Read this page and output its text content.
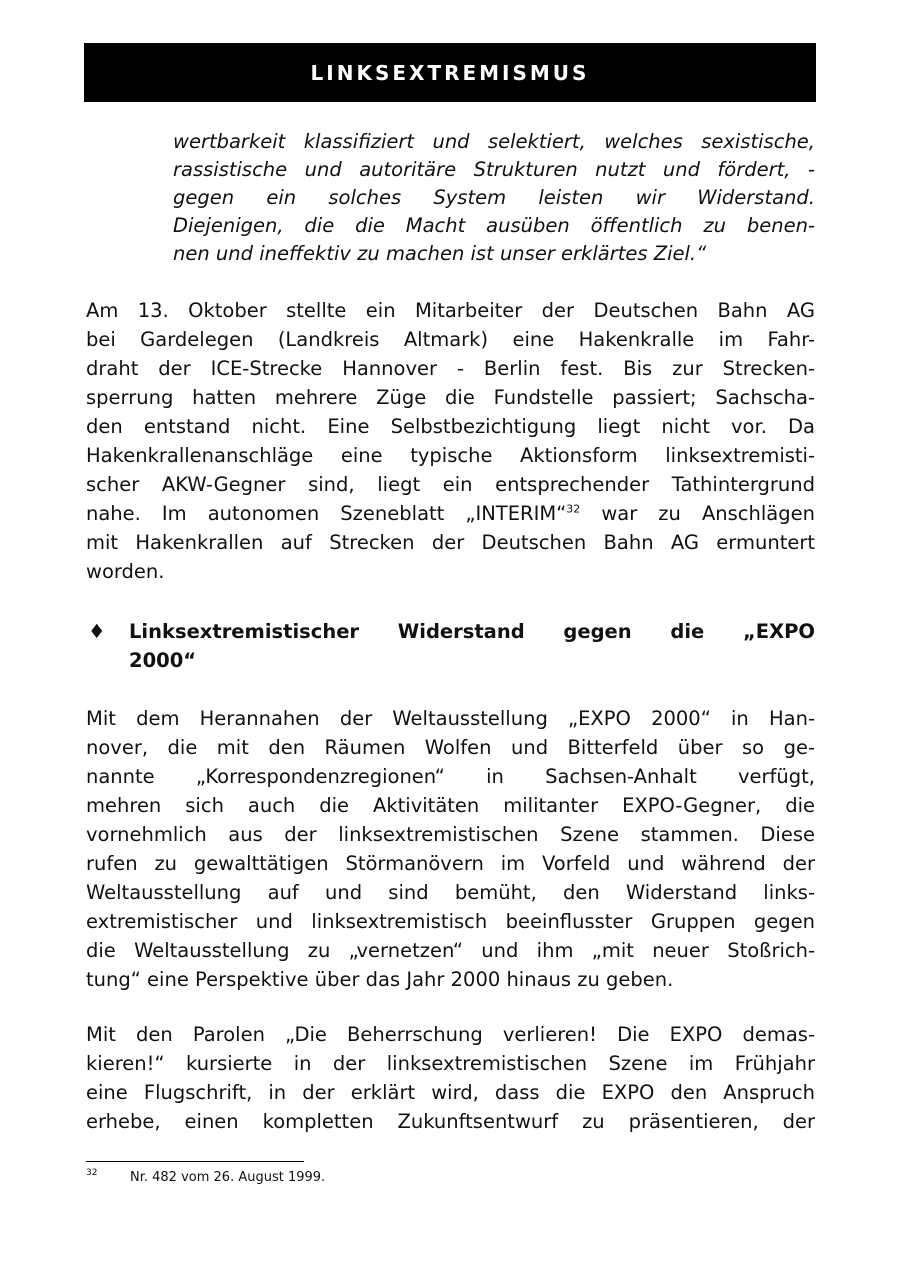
LINKSEXTREMISMUS
wertbarkeit klassifiziert und selektiert, welches sexistische,
rassistische und autoritäre Strukturen nutzt und fördert, -
gegen ein solches System leisten wir Widerstand.
Diejenigen, die die Macht ausüben öffentlich zu benen-
nen und ineffektiv zu machen ist unser erklärtes Ziel.“
Am 13. Oktober stellte ein Mitarbeiter der Deutschen Bahn AG
bei Gardelegen (Landkreis Altmark) eine Hakenkralle im Fahr-
draht der ICE-Strecke Hannover - Berlin fest. Bis zur Strecken-
sperrung hatten mehrere Züge die Fundstelle passiert; Sachscha-
den entstand nicht. Eine Selbstbezichtigung liegt nicht vor. Da
Hakenkrallenanschläge eine typische Aktionsform linksextremisti-
scher AKW-Gegner sind, liegt ein entsprechender Tathintergrund
nahe. Im autonomen Szeneblatt „INTERIM“$^{32}$ war zu Anschlägen
mit Hakenkrallen auf Strecken der Deutschen Bahn AG ermuntert
worden.
♦ Linksextremistischer Widerstand gegen die „EXPO
2000“
Mit dem Herannahen der Weltausstellung „EXPO 2000“ in Han-
nover, die mit den Räumen Wolfen und Bitterfeld über so ge-
nannte „Korrespondenzregionen“ in Sachsen-Anhalt verfügt,
mehren sich auch die Aktivitäten militanter EXPO-Gegner, die
vornehmlich aus der linksextremistischen Szene stammen. Diese
rufen zu gewalttätigen Störmanövern im Vorfeld und während der
Weltausstellung auf und sind bemüht, den Widerstand links-
extremistischer und linksextremistisch beeinflusster Gruppen gegen
die Weltausstellung zu „vernetzen“ und ihm „mit neuer Stoßrich-
tung“ eine Perspektive über das Jahr 2000 hinaus zu geben.
Mit den Parolen „Die Beherrschung verlieren! Die EXPO demas-
kieren!“ kursierte in der linksextremistischen Szene im Frühjahr
eine Flugschrift, in der erklärt wird, dass die EXPO den Anspruch
erhebe, einen kompletten Zukunftsentwurf zu präsentieren, der
$^{32}$	Nr. 482 vom 26. August 1999.
